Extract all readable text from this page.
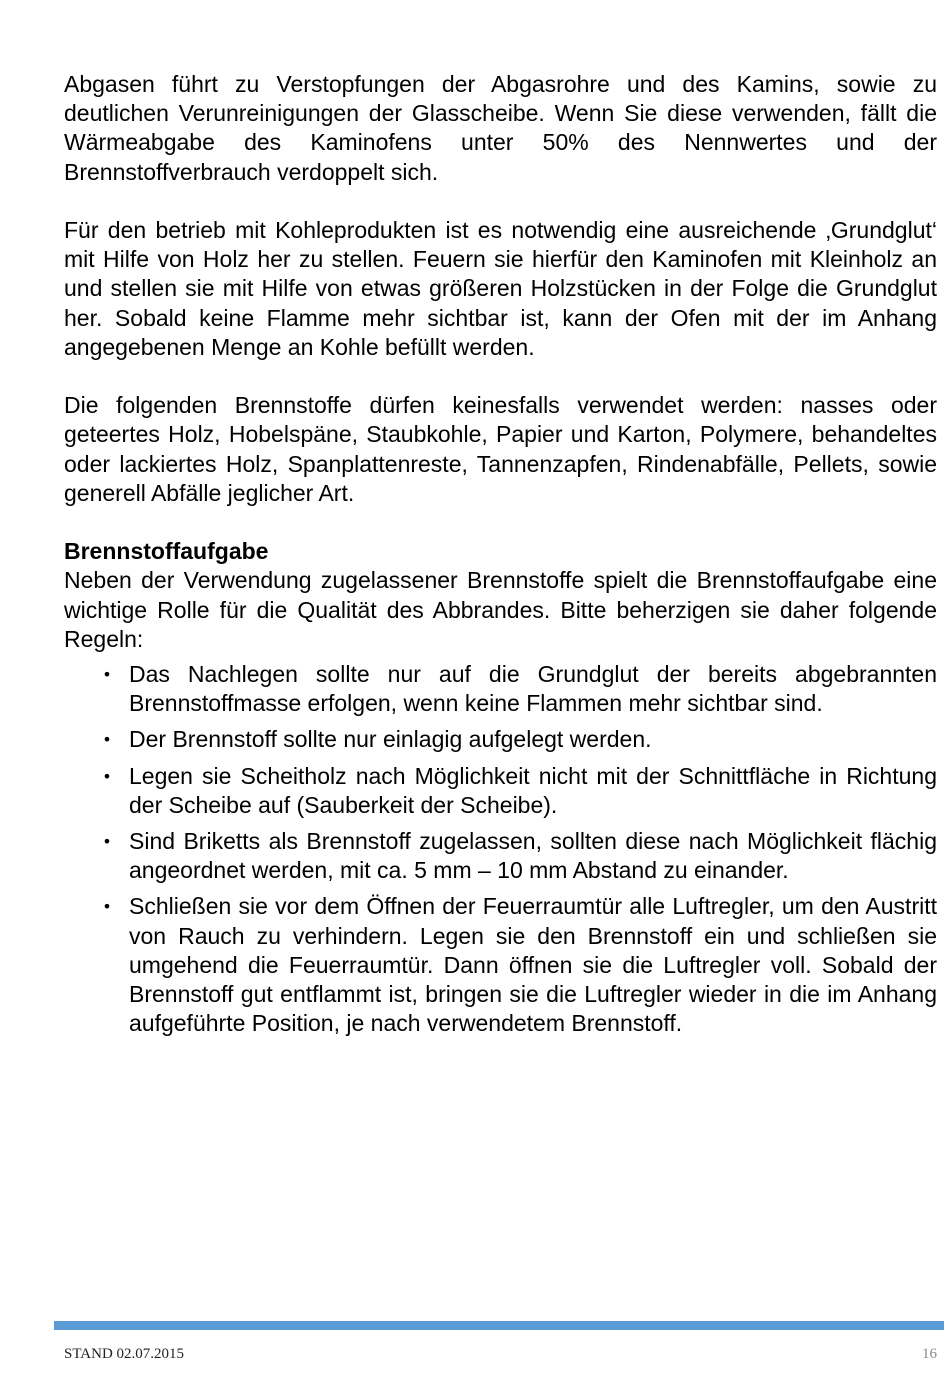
Abgasen führt zu Verstopfungen der Abgasrohre und des Kamins, sowie zu deutlichen Verunreinigungen der Glasscheibe. Wenn Sie diese verwenden, fällt die Wärmeabgabe des Kaminofens unter 50% des Nennwertes und der Brennstoffverbrauch verdoppelt sich.

Für den betrieb mit Kohleprodukten ist es notwendig eine ausreichende ‚Grundglut‘ mit Hilfe von Holz her zu stellen. Feuern sie hierfür den Kaminofen mit Kleinholz an und stellen sie mit Hilfe von etwas größeren Holzstücken in der Folge die Grundglut her. Sobald keine Flamme mehr sichtbar ist, kann der Ofen mit der im Anhang angegebenen Menge an Kohle befüllt werden.

Die folgenden Brennstoffe dürfen keinesfalls verwendet werden: nasses oder geteertes Holz, Hobelspäne, Staubkohle, Papier und Karton, Polymere, behandeltes oder lackiertes Holz, Spanplattenreste, Tannenzapfen, Rindenabfälle, Pellets, sowie generell Abfälle jeglicher Art.

Brennstoffaufgabe

Neben der Verwendung zugelassener Brennstoffe spielt die Brennstoffaufgabe eine wichtige Rolle für die Qualität des Abbrandes. Bitte beherzigen sie daher folgende Regeln:

• Das Nachlegen sollte nur auf die Grundglut der bereits abgebrannten Brennstoffmasse erfolgen, wenn keine Flammen mehr sichtbar sind.
• Der Brennstoff sollte nur einlagig aufgelegt werden.
• Legen sie Scheitholz nach Möglichkeit nicht mit der Schnittfläche in Richtung der Scheibe auf (Sauberkeit der Scheibe).
• Sind Briketts als Brennstoff zugelassen, sollten diese nach Möglichkeit flächig angeordnet werden, mit ca. 5 mm – 10 mm Abstand zu einander.
• Schließen sie vor dem Öffnen der Feuerraumtür alle Luftregler, um den Austritt von Rauch zu verhindern. Legen sie den Brennstoff ein und schließen sie umgehend die Feuerraumtür. Dann öffnen sie die Luftregler voll. Sobald der Brennstoff gut entflammt ist, bringen sie die Luftregler wieder in die im Anhang aufgeführte Position, je nach verwendetem Brennstoff.
STAND 02.07.2015	16
